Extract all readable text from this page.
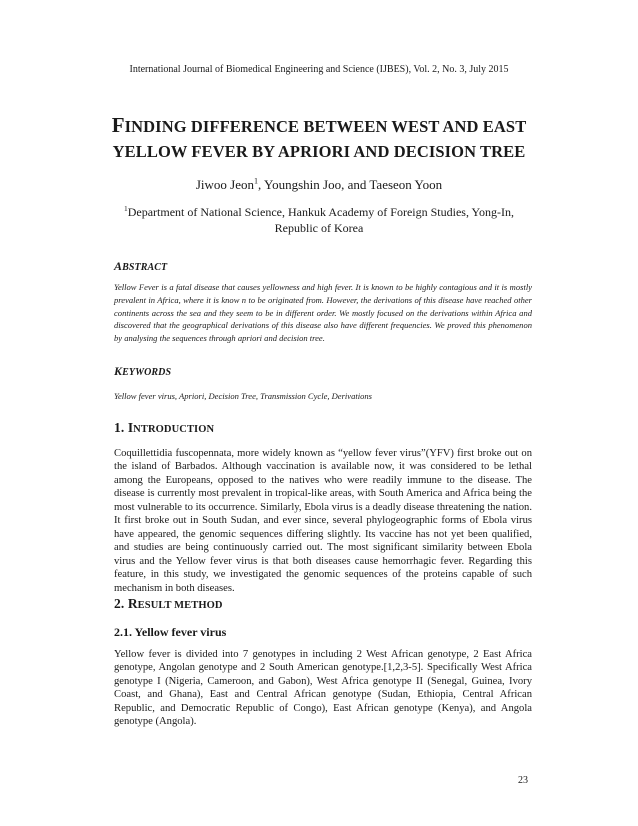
International Journal of Biomedical Engineering and Science (IJBES), Vol. 2, No. 3, July 2015
FINDING DIFFERENCE BETWEEN WEST AND EAST
YELLOW FEVER BY APRIORI AND DECISION TREE
Jiwoo Jeon$^1$, Youngshin Joo, and Taeseon Yoon
$^1$Department of National Science, Hankuk Academy of Foreign Studies, Yong-In, Republic of Korea
ABSTRACT
Yellow Fever is a fatal disease that causes yellowness and high fever. It is known to be highly contagious and it is mostly prevalent in Africa, where it is know n to be originated from. However, the derivations of this disease have reached other continents across the sea and they seem to be in different order. We mostly focused on the derivations within Africa and discovered that the geographical derivations of this disease also have different frequencies. We proved this phenomenon by analysing the sequences through apriori and decision tree.
KEYWORDS
Yellow fever virus, Apriori, Decision Tree, Transmission Cycle, Derivations
1. INTRODUCTION
Coquillettidia fuscopennata, more widely known as “yellow fever virus”(YFV) first broke out on the island of Barbados. Although vaccination is available now, it was considered to be lethal among the Europeans, opposed to the natives who were readily immune to the disease. The disease is currently most prevalent in tropical-like areas, with South America and Africa being the most vulnerable to its occurrence. Similarly, Ebola virus is a deadly disease threatening the nation. It first broke out in South Sudan, and ever since, several phylogeographic forms of Ebola virus have appeared, the genomic sequences differing slightly. Its vaccine has not yet been qualified, and studies are being continuously carried out. The most significant similarity between Ebola virus and the Yellow fever virus is that both diseases cause hemorrhagic fever. Regarding this feature, in this study, we investigated the genomic sequences of the proteins capable of such mechanism in both diseases.
2. RESULT METHOD
2.1. Yellow fever virus
Yellow fever is divided into 7 genotypes in including 2 West African genotype, 2 East Africa genotype, Angolan genotype and 2 South American genotype.[1,2,3-5]. Specifically West Africa genotype I (Nigeria, Cameroon, and Gabon), West Africa genotype II (Senegal, Guinea, Ivory Coast, and Ghana), East and Central African genotype (Sudan, Ethiopia, Central African Republic, and Democratic Republic of Congo), East African genotype (Kenya), and Angola genotype (Angola).
23
